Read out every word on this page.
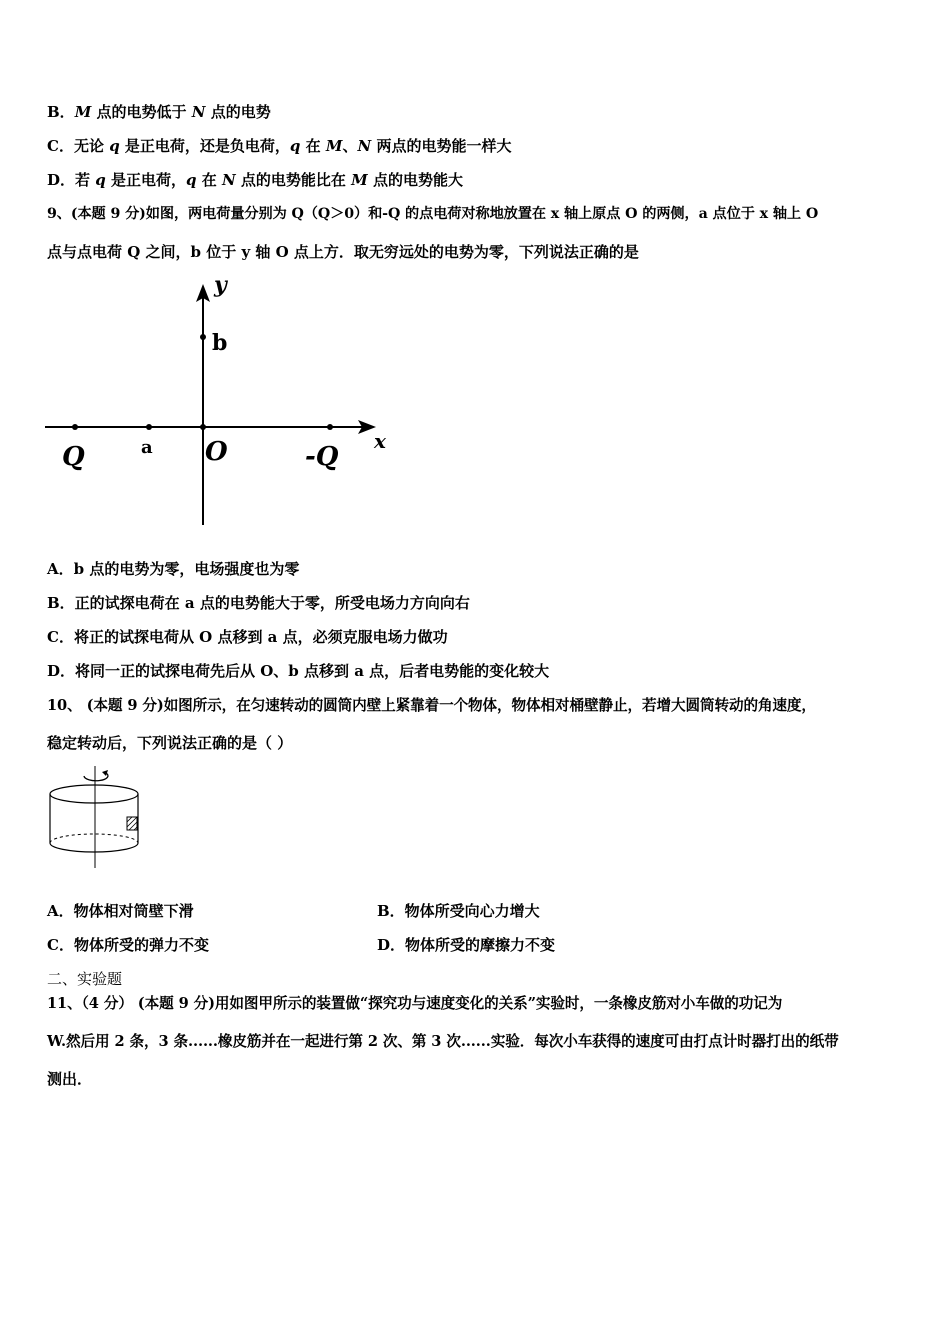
B．M 点的电势低于 N 点的电势
C．无论 q 是正电荷，还是负电荷，q 在 M、N 两点的电势能一样大
D．若 q 是正电荷，q 在 N 点的电势能比在 M 点的电势能大
9、(本题 9 分)如图，两电荷量分别为 Q（Q＞0）和-Q 的点电荷对称地放置在 x 轴上原点 O 的两侧，a 点位于 x 轴上 O
点与点电荷 Q 之间，b 位于 y 轴 O 点上方．取无穷远处的电势为零，下列说法正确的是
y
b
x
Q	a O	-Q
A．b 点的电势为零，电场强度也为零
B．正的试探电荷在 a 点的电势能大于零，所受电场力方向向右
C．将正的试探电荷从 O 点移到 a 点，必须克服电场力做功
D．将同一正的试探电荷先后从 O、b 点移到 a 点，后者电势能的变化较大
10、 (本题 9 分)如图所示，在匀速转动的圆筒内壁上紧靠着一个物体，物体相对桶壁静止，若增大圆筒转动的角速度，
稳定转动后，下列说法正确的是（ ）
A．物体相对筒壁下滑	B．物体所受向心力增大
C．物体所受的弹力不变	D．物体所受的摩擦力不变
二、实验题
11、（4 分） (本题 9 分)用如图甲所示的装置做“探究功与速度变化的关系”实验时，一条橡皮筋对小车做的功记为
W.然后用 2 条，3 条......橡皮筋并在一起进行第 2 次、第 3 次......实验．每次小车获得的速度可由打点计时器打出的纸带
测出．
